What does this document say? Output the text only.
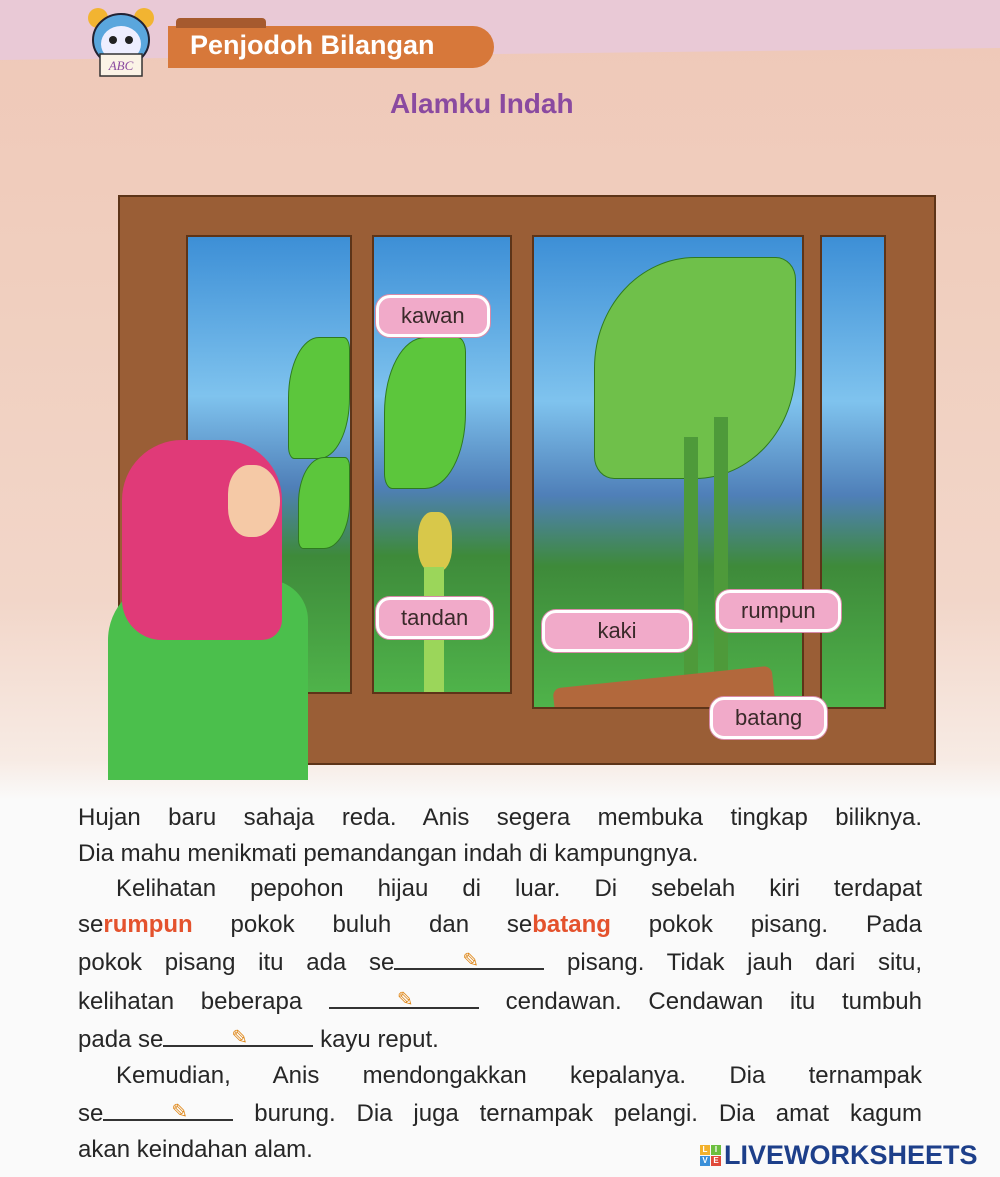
ABC
Penjodoh Bilangan
Alamku Indah
kawan
tandan
kaki
rumpun
batang
Hujan baru sahaja reda. Anis segera membuka tingkap biliknya.
Dia mahu menikmati pemandangan indah di kampungnya.
Kelihatan pepohon hijau di luar. Di sebelah kiri terdapat
serumpun pokok buluh dan sebatang pokok pisang. Pada
pokok pisang itu ada se	✎	pisang. Tidak jauh dari situ,
kelihatan beberapa	✎	cendawan. Cendawan itu tumbuh
pada se	✎	kayu reput.
Kemudian, Anis mendongakkan kepalanya. Dia ternampak
se	✎ burung. Dia juga ternampak pelangi. Dia amat kagum
akan keindahan alam.	L I
V E LIVEWORKSHEETS
